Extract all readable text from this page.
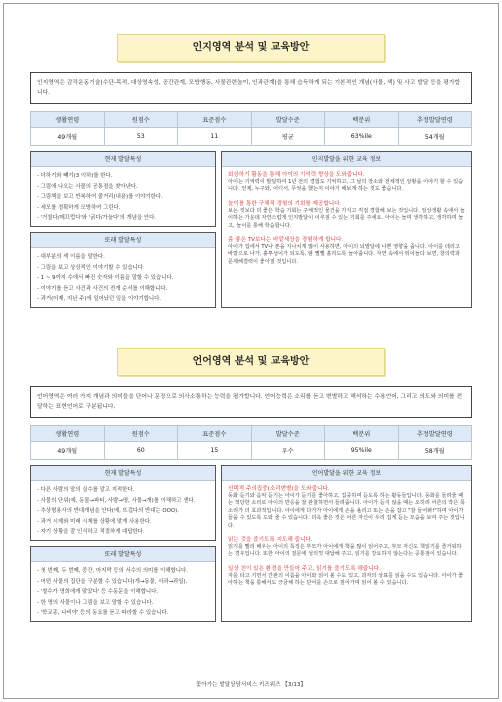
인지영역 분석 및 교육방안
인지영역은 감각운동기술(수단-목적, 대상영속성, 공간관계, 모방행동, 사물관련놀이, 인과관계)을 통해 습득하게 되는 기본적인 개념(사물, 색) 및 사고 발달 등을 평가합니다.
생활연령	원점수	표준점수	발달수준	백분위	추정발달연령
49개월	53	11	평균	63%ile	54개월
현재 발달특성
- 더하기와 빼기(3 이하)를 한다.
- 그림에 나오는 사물의 공통점을 찾아낸다.
- 그림책을 보고 반복하여 줄거리(내용)를 이야기한다.
- 세모를 정확하게 모방하여 그린다.
- '거칠다/매끄럽다'와 '굵다/가늘다'의 개념을 안다.
또래 발달특성
- 대부분의 색 이름을 말한다.
- 그림을 보고 상상적인 이야기할 수 있습니다.
- 1 ~ 9까지 수에서 빠진 숫자와 이름을 말할 수 있습니다.
- 이야기를 듣고 사건과 사건의 전개 순서를 이해합니다.
- 과거(어제, 지난 주)에 일어났던 일을 이야기합니다.
인지발달을 위한 교육 정보
회상하기 활동을 통해 아이의 기억력 향상을 도와줍니다.
아이는 기억력이 발달하여 1년 전의 경험도 기억하고, 그 날의 장소와 전체적인 상황을 이야기 할 수 있습니다. 언제, 누구와, 어디서, 무엇을 했는지 이야기 해보게 하는 것도 좋습니다.
놀이를 통한 구체적 경험의 기회를 제공합니다.
보는 것보다 더 좋은 학습 기회는 구체적인 물건을 가지고 직접 경험해 보는 것입니다. 일상생활 속에서 놀이하는 가운데 자연스럽게 인지발달이 이루질 수 있는 기회를 주세요. 아이는 놀며 생각하고, 생각하며 놀고, 놀이를 통해 학습합니다.
좀 좋은 TV보다는 바깥세상을 경험하게 합니다.
아이가 집에서 TV나 폰을 지나치게 많이 사용하면, 아이의 뇌발달에 나쁜 영향을 줍니다. 아이를 데리고 바깥으로 나가, 흙투성이가 되도록, 땀 뻘뻘 흘리도록 놀아줍니다. 자연 속에서 뛰어놀다 보면, 창의력과 문제해결력이 좋아질 것입니다.
언어영역 분석 및 교육방안
언어영역은 여러 가지 개념과 의미들을 단어나 문장으로 의사소통하는 능력을 평가합니다. 언어능력은 소리를 듣고 변별하고 해석하는 수용언어, 그리고 의도와 의미를 전달하는 표현언어로 구분됩니다.
생활연령	원점수	표준점수	발달수준	백분위	추정발달연령
49개월	60	15	우수	95%ile	58개월
현재 발달특성
- 다른 사람의 말의 실수를 알고 지적한다.
- 사물의 단위(예, 동물→파티, 사람→명, 사물→개)를 이해하고 센다.
- 추상형용사의 반대개념을 안다(예, 뜨겁다의 반대는 OOO).
- 과거 시제와 미래 시제를 상황에 맞게 사용한다.
- 자기 상황을 잘 인식하고 적절하게 대답한다.
또래 발달특성
- 첫 번째, 두 번째, 중간, 마지막 등의 서수의 의미를 이해합니다.
- 어떤 사물의 집단을 구분할 수 있습니다(개→동물, 사과→과일).
- '철수가 영희에게 맞았다' 등 수동문을 이해합니다.
- 한 명의 사물이나 그림을 보고 말할 수 있습니다.
- '학교종, 나비야' 등의 동요를 듣고 따라할 수 있습니다.
언어발달을 위한 교육 정보
선택적 주의집중(소리변별)을 도와줍니다.
동화 듣기와 음악 듣기는 아이가 듣기를 좋아하고, 집중하며 듣도록 하는 활동들입니다. 동화를 들려줄 때는 적당한 소리로 아이의 반응을 잘 관찰하면서 들려줍니다. 아이가 듣지 않을 때는 오히려 어른의 작은 목소리가 더 효과적입니다. 아이에게 다가가 아이에게 손을 올리고 또는 손을 잡고 "잘 들어봐!"하며 아이가 들을 수 있도록 도와 줄 수 있습니다. 더욱 좋은 것은 어른 자신이 우리 집게 듣는 모습을 보여 주는 것입니다.
읽는 것을 즐기도록 지도해 줍니다.
읽기를 빨리 배우는 아이의 특징은 부모가 아이에게 책을 많이 읽어주고, 부모 자신도 책읽기를 즐거워하는 경우입니다. 또한 아이의 질문에 성의껏 대답해 주고, 읽기를 강요하지 않는다는 공통점이 있습니다.
일상 친이 있은 환경을 만들어 주고, 읽기를 즐기도록 해줍니다.
자를 타고 기면서 간판의 이름을 아이와 읽어 볼 수도 있고, 과자의 상표를 읽을 수도 있습니다. 아이가 좋아하는 책을 통해서도 긍금해 하는 단어를 손으로 짚어가며 읽어 볼 수 있습니다.
꽃아가는 발달상담서비스 키즈위즈 【3/13】
